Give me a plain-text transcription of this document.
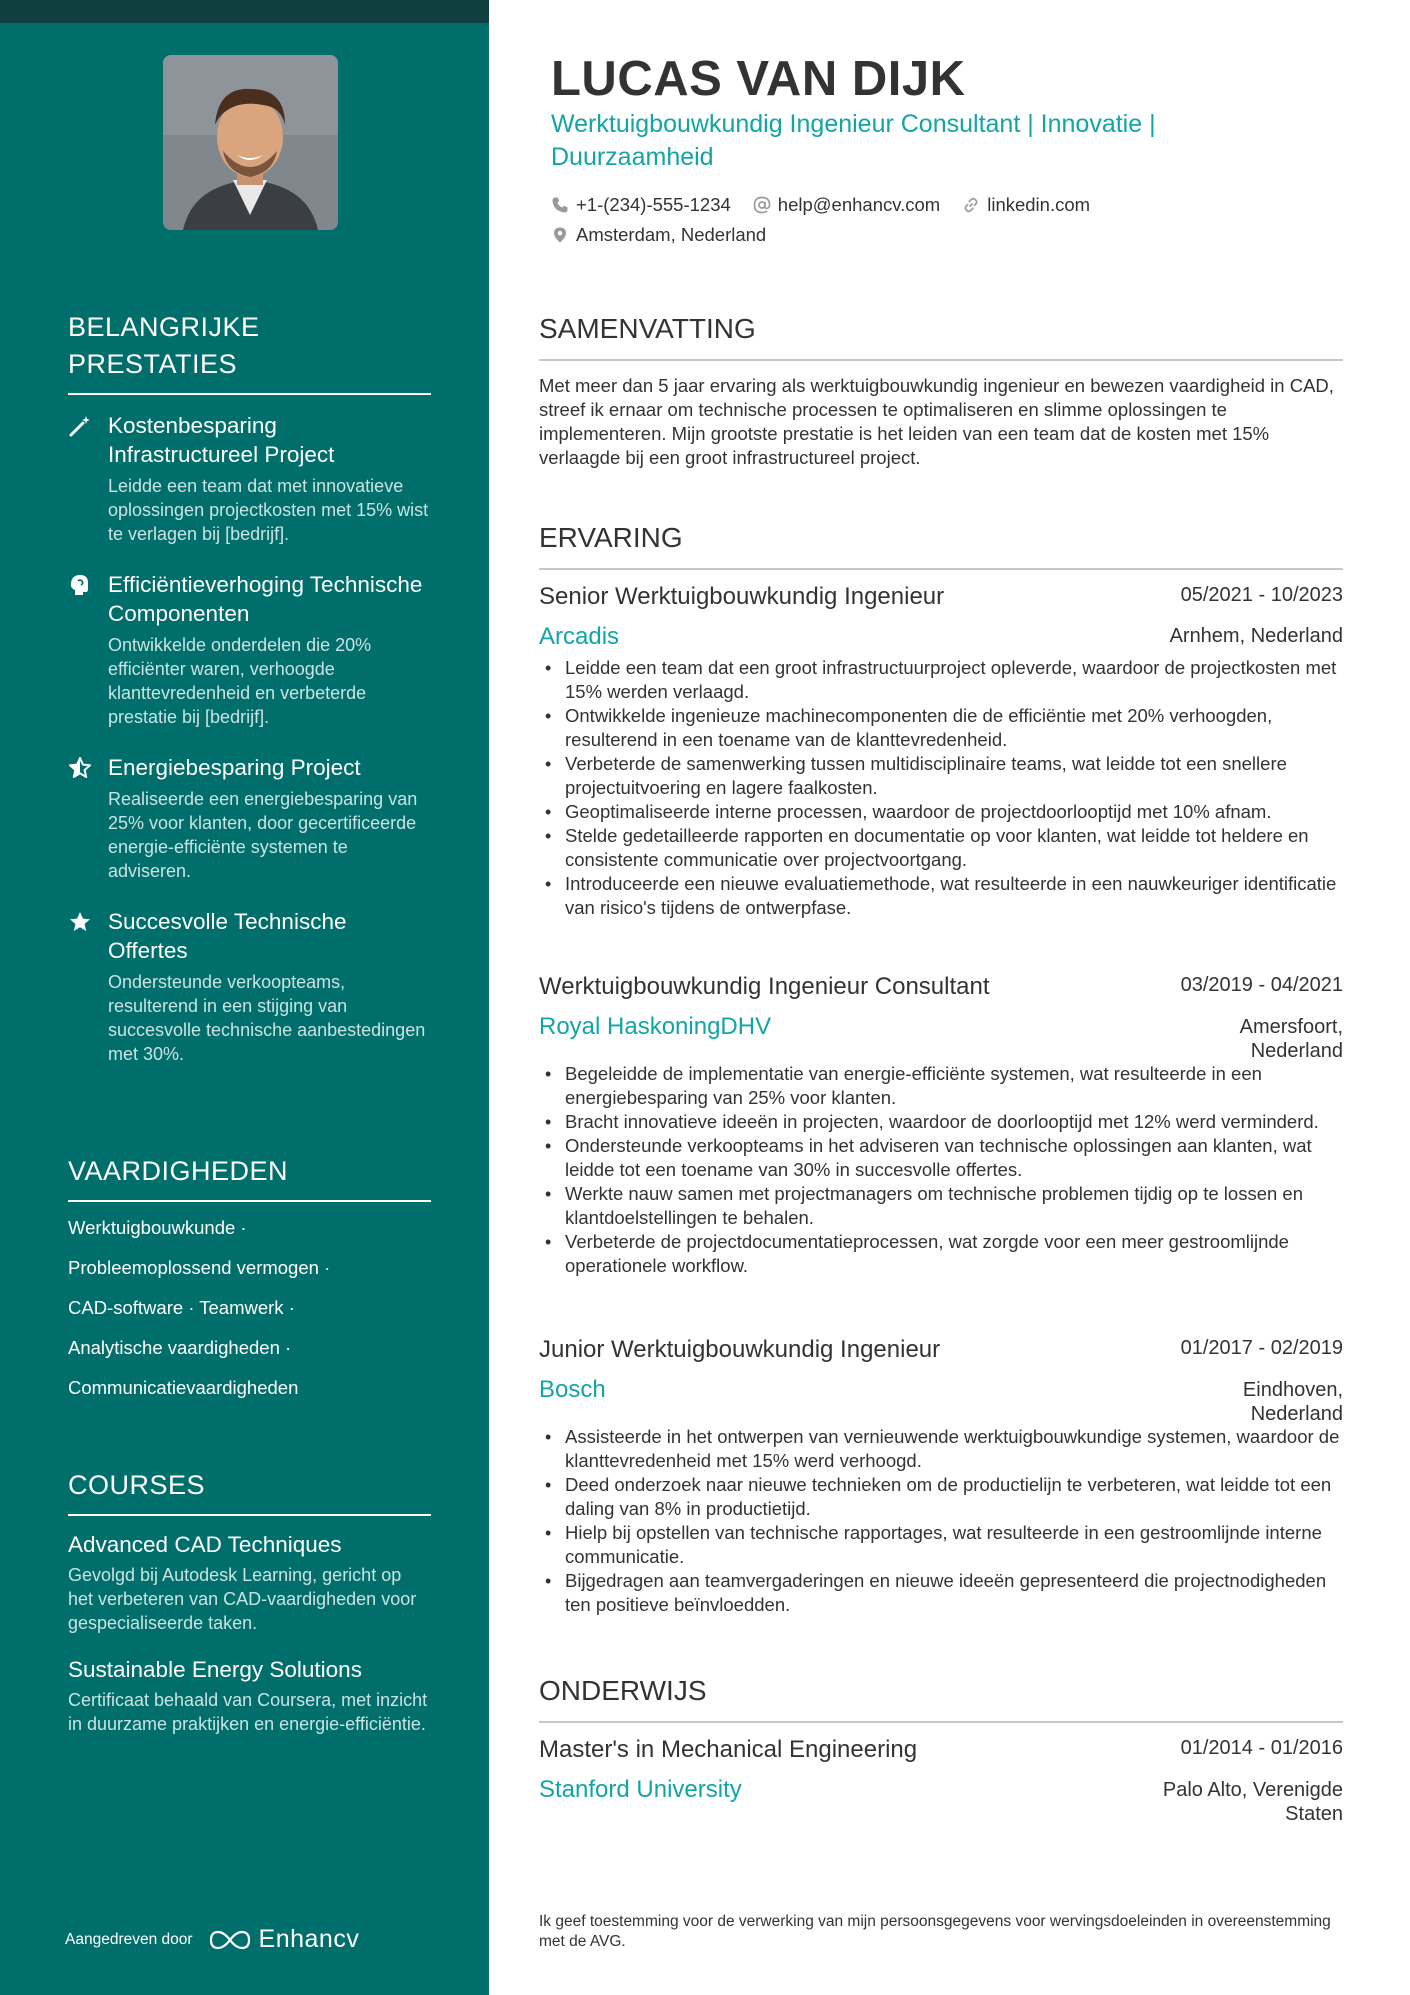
BELANGRIJKE PRESTATIES
Kostenbesparing Infrastructureel Project
Leidde een team dat met innovatieve oplossingen projectkosten met 15% wist te verlagen bij [bedrijf].
Efficiëntieverhoging Technische Componenten
Ontwikkelde onderdelen die 20% efficiënter waren, verhoogde klanttevredenheid en verbeterde prestatie bij [bedrijf].
Energiebesparing Project
Realiseerde een energiebesparing van 25% voor klanten, door gecertificeerde energie-efficiënte systemen te adviseren.
Succesvolle Technische Offertes
Ondersteunde verkoopteams, resulterend in een stijging van succesvolle technische aanbestedingen met 30%.
VAARDIGHEDEN
Werktuigbouwkunde ·
Probleemoplossend vermogen ·
CAD-software · Teamwerk ·
Analytische vaardigheden ·
Communicatievaardigheden
COURSES
Advanced CAD Techniques
Gevolgd bij Autodesk Learning, gericht op het verbeteren van CAD-vaardigheden voor gespecialiseerde taken.
Sustainable Energy Solutions
Certificaat behaald van Coursera, met inzicht in duurzame praktijken en energie-efficiëntie.
Aangedreven door	Enhancv
LUCAS VAN DIJK
Werktuigbouwkundig Ingenieur Consultant | Innovatie | Duurzaamheid
+1-(234)-555-1234	help@enhancv.com	linkedin.com
Amsterdam, Nederland
SAMENVATTING
Met meer dan 5 jaar ervaring als werktuigbouwkundig ingenieur en bewezen vaardigheid in CAD, streef ik ernaar om technische processen te optimaliseren en slimme oplossingen te implementeren. Mijn grootste prestatie is het leiden van een team dat de kosten met 15% verlaagde bij een groot infrastructureel project.
ERVARING
Senior Werktuigbouwkundig Ingenieur	05/2021 - 10/2023
Arcadis	Arnhem, Nederland
• Leidde een team dat een groot infrastructuurproject opleverde, waardoor de projectkosten met 15% werden verlaagd.
• Ontwikkelde ingenieuze machinecomponenten die de efficiëntie met 20% verhoogden, resulterend in een toename van de klanttevredenheid.
• Verbeterde de samenwerking tussen multidisciplinaire teams, wat leidde tot een snellere projectuitvoering en lagere faalkosten.
• Geoptimaliseerde interne processen, waardoor de projectdoorlooptijd met 10% afnam.
• Stelde gedetailleerde rapporten en documentatie op voor klanten, wat leidde tot heldere en consistente communicatie over projectvoortgang.
• Introduceerde een nieuwe evaluatiemethode, wat resulteerde in een nauwkeuriger identificatie van risico's tijdens de ontwerpfase.
Werktuigbouwkundig Ingenieur Consultant	03/2019 - 04/2021
Royal HaskoningDHV	Amersfoort, Nederland
• Begeleidde de implementatie van energie-efficiënte systemen, wat resulteerde in een energiebesparing van 25% voor klanten.
• Bracht innovatieve ideeën in projecten, waardoor de doorlooptijd met 12% werd verminderd.
• Ondersteunde verkoopteams in het adviseren van technische oplossingen aan klanten, wat leidde tot een toename van 30% in succesvolle offertes.
• Werkte nauw samen met projectmanagers om technische problemen tijdig op te lossen en klantdoelstellingen te behalen.
• Verbeterde de projectdocumentatieprocessen, wat zorgde voor een meer gestroomlijnde operationele workflow.
Junior Werktuigbouwkundig Ingenieur	01/2017 - 02/2019
Bosch	Eindhoven, Nederland
• Assisteerde in het ontwerpen van vernieuwende werktuigbouwkundige systemen, waardoor de klanttevredenheid met 15% werd verhoogd.
• Deed onderzoek naar nieuwe technieken om de productielijn te verbeteren, wat leidde tot een daling van 8% in productietijd.
• Hielp bij opstellen van technische rapportages, wat resulteerde in een gestroomlijnde interne communicatie.
• Bijgedragen aan teamvergaderingen en nieuwe ideeën gepresenteerd die projectnodigheden ten positieve beïnvloedden.
ONDERWIJS
Master's in Mechanical Engineering	01/2014 - 01/2016
Stanford University	Palo Alto, Verenigde Staten
Ik geef toestemming voor de verwerking van mijn persoonsgegevens voor wervingsdoeleinden in overeenstemming met de AVG.
